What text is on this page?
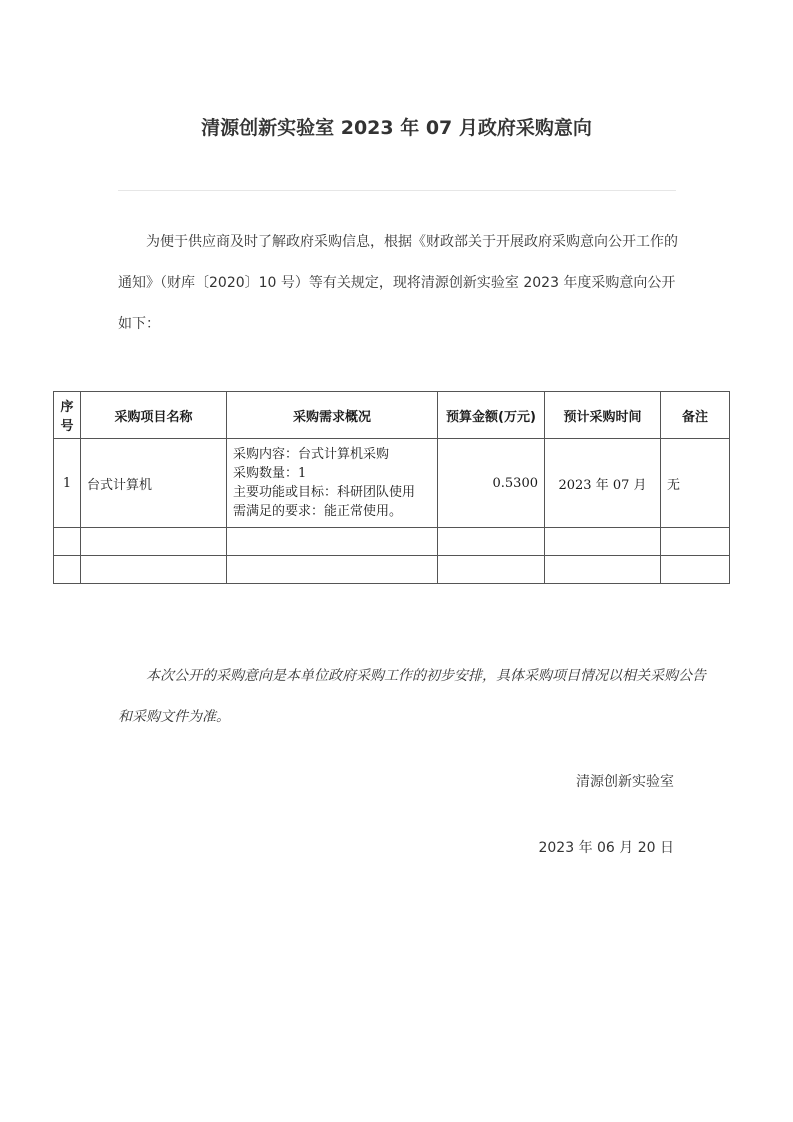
清源创新实验室 2023 年 07 月政府采购意向
为便于供应商及时了解政府采购信息，根据《财政部关于开展政府采购意向公开工作的
通知》（财库〔2020〕10 号）等有关规定，现将清源创新实验室 2023 年度采购意向公开
如下：
序号	采购项目名称	采购需求概况	预算金额(万元)	预计采购时间	备注
1	台式计算机	采购内容：台式计算机采购
采购数量：1
主要功能或目标：科研团队使用
需满足的要求：能正常使用。	0.5300	2023 年 07 月	无

本次公开的采购意向是本单位政府采购工作的初步安排，具体采购项目情况以相关采购公告
和采购文件为准。
清源创新实验室
2023 年 06 月 20 日
